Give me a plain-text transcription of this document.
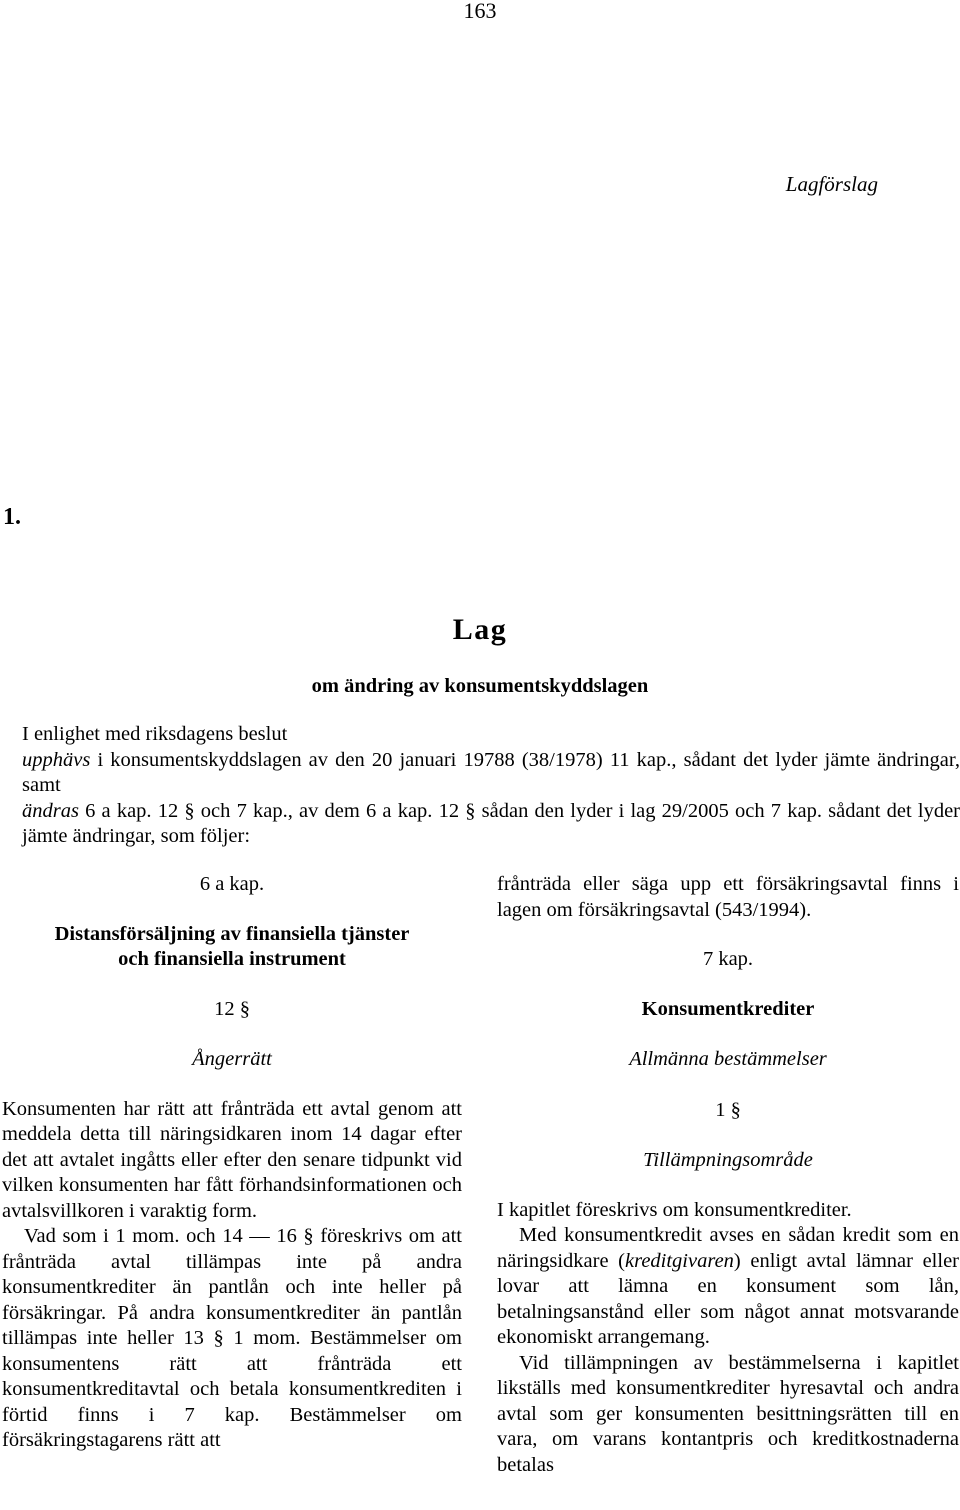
163
Lagförslag
1.
Lag
om ändring av konsumentskyddslagen

I enlighet med riksdagens beslut

upphävs i konsumentskyddslagen av den 20 januari 19788 (38/1978) 11 kap., sådant det lyder jämte ändringar, samt

ändras 6 a kap. 12 § och 7 kap., av dem 6 a kap. 12 § sådan den lyder i lag 29/2005 och 7 kap. sådant det lyder jämte ändringar, som följer:

6 a kap.
Distansförsäljning av finansiella tjänster
och finansiella instrument
12 §
Ångerrätt

Konsumenten har rätt att frånträda ett avtal genom att meddela detta till näringsidkaren inom 14 dagar efter det att avtalet ingåtts eller efter den senare tidpunkt vid vilken konsumenten har fått förhandsinformationen och avtalsvillkoren i varaktig form.

Vad som i 1 mom. och 14 — 16 § föreskrivs om att frånträda avtal tillämpas inte på andra konsumentkrediter än pantlån och inte heller på försäkringar. På andra konsumentkrediter än pantlån tillämpas inte heller 13 § 1 mom. Bestämmelser om konsumentens rätt att frånträda ett konsumentkreditavtal och betala konsumentkrediten i förtid finns i 7 kap. Bestämmelser om försäkringstagarens rätt att

frånträda eller säga upp ett försäkringsavtal finns i lagen om försäkringsavtal (543/1994).

7 kap.
Konsumentkrediter
Allmänna bestämmelser
1 §
Tillämpningsområde

I kapitlet föreskrivs om konsumentkrediter.

Med konsumentkredit avses en sådan kredit som en näringsidkare (kreditgivaren) enligt avtal lämnar eller lovar att lämna en konsument som lån, betalningsanstånd eller som något annat motsvarande ekonomiskt arrangemang.

Vid tillämpningen av bestämmelserna i kapitlet likställs med konsumentkrediter hyresavtal och andra avtal som ger konsumenten besittningsrätten till en vara, om varans kontantpris och kreditkostnaderna betalas
